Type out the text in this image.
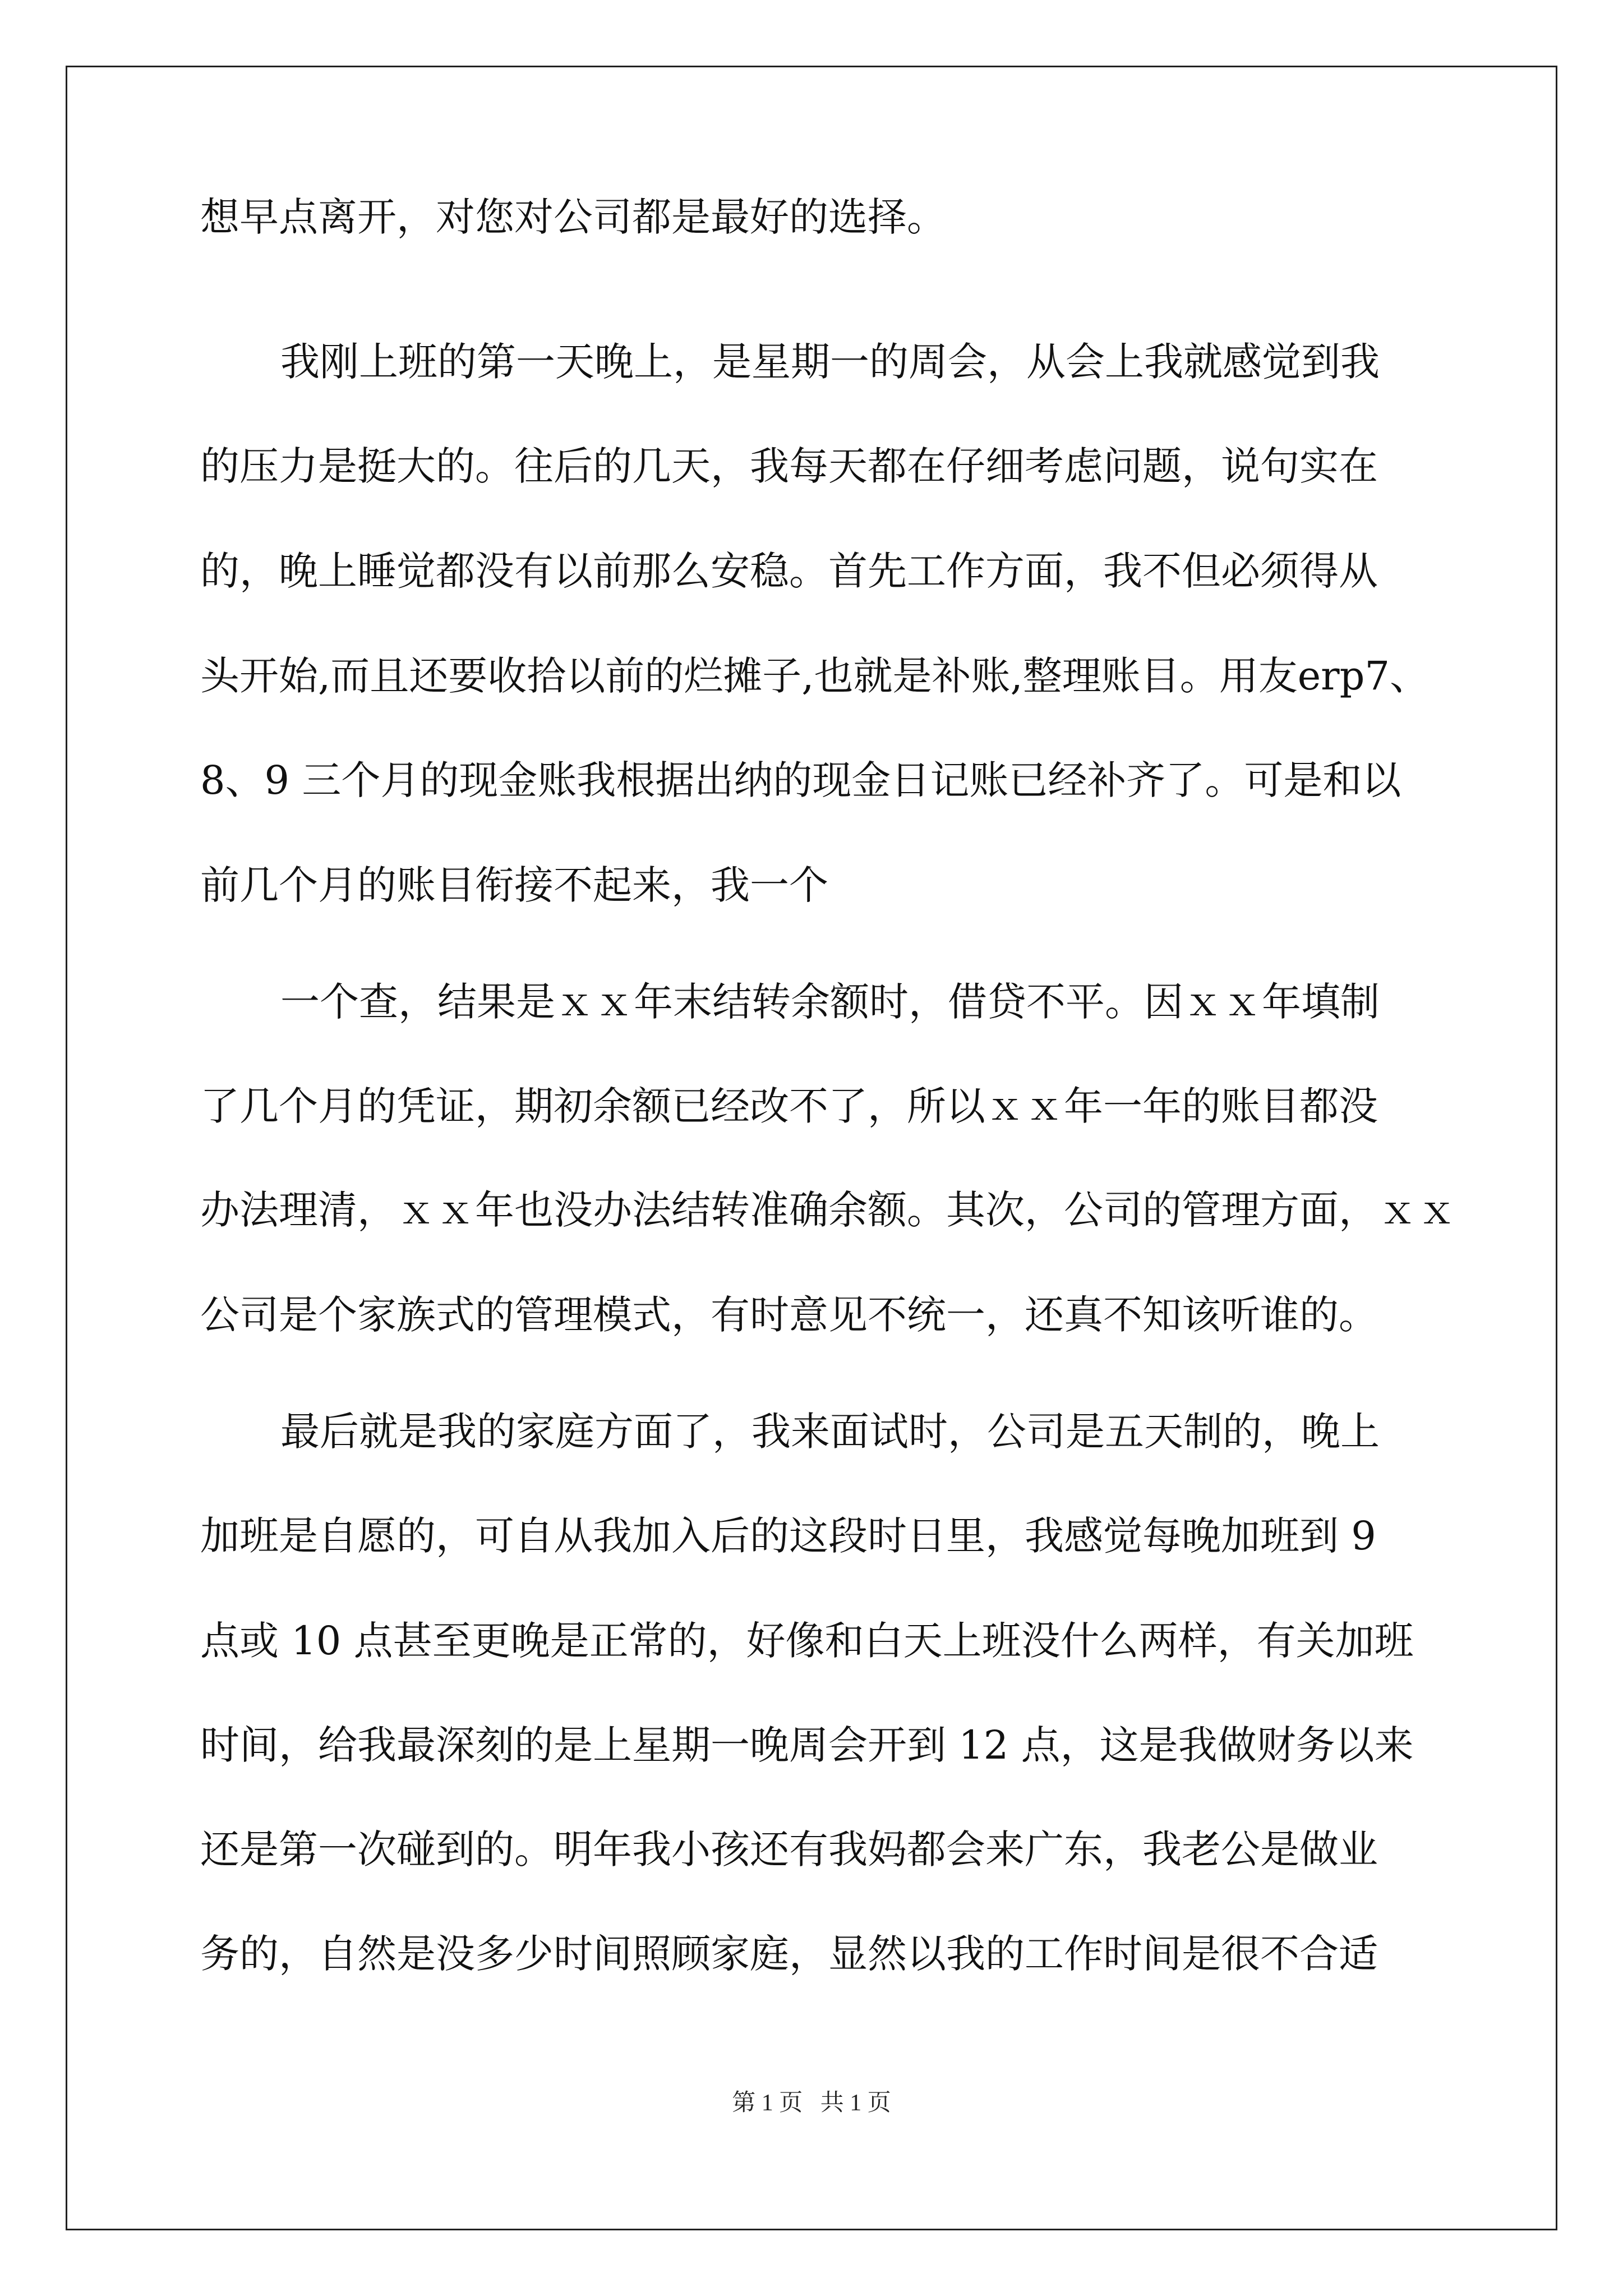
想早点离开，对您对公司都是最好的选择。

我刚上班的第一天晚上，是星期一的周会，从会上我就感觉到我

的压力是挺大的。往后的几天，我每天都在仔细考虑问题，说句实在

的，晚上睡觉都没有以前那么安稳。首先工作方面，我不但必须得从

头开始,而且还要收拾以前的烂摊子,也就是补账,整理账目。用友erp7、

8、9 三个月的现金账我根据出纳的现金日记账已经补齐了。可是和以

前几个月的账目衔接不起来，我一个

一个查，结果是ｘｘ年末结转余额时，借贷不平。因ｘｘ年填制

了几个月的凭证，期初余额已经改不了，所以ｘｘ年一年的账目都没

办法理清，ｘｘ年也没办法结转准确余额。其次，公司的管理方面，ｘｘ

公司是个家族式的管理模式，有时意见不统一，还真不知该听谁的。

最后就是我的家庭方面了，我来面试时，公司是五天制的，晚上

加班是自愿的，可自从我加入后的这段时日里，我感觉每晚加班到 9

点或 10 点甚至更晚是正常的，好像和白天上班没什么两样，有关加班

时间，给我最深刻的是上星期一晚周会开到 12 点，这是我做财务以来

还是第一次碰到的。明年我小孩还有我妈都会来广东，我老公是做业

务的，自然是没多少时间照顾家庭，显然以我的工作时间是很不合适

第 1 页   共 1 页
